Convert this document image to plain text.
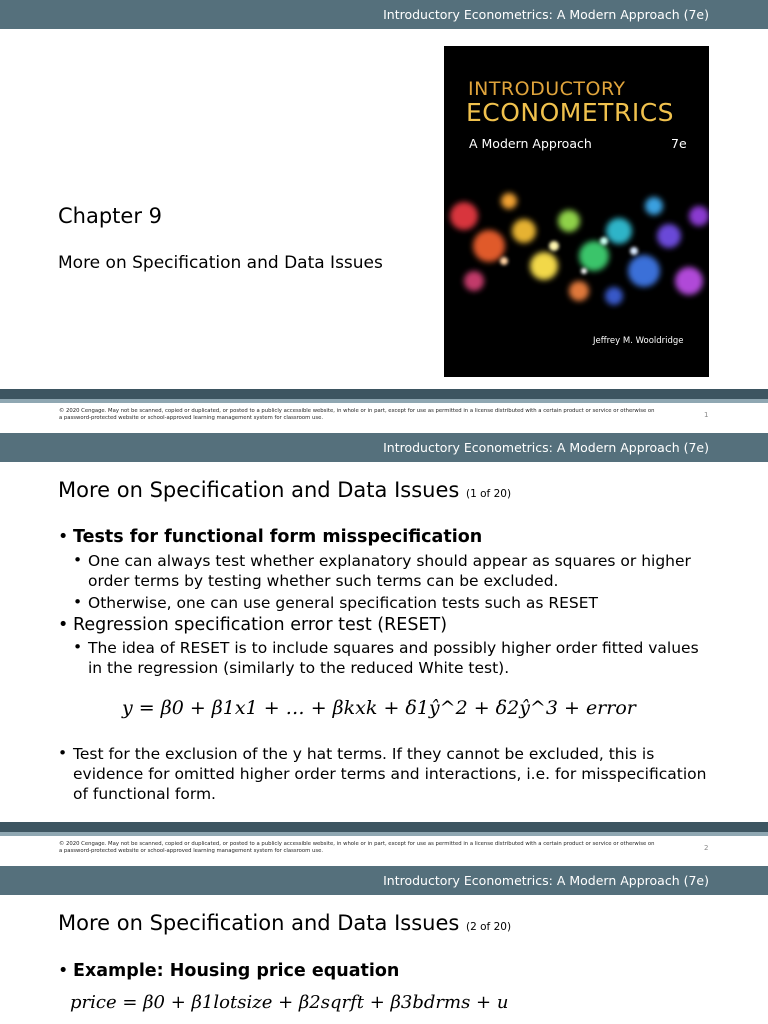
Introductory Econometrics: A Modern Approach (7e)
Chapter 9
More on Specification and Data Issues
INTRODUCTORY
ECONOMETRICS
A Modern Approach	7e
Jeffrey M. Wooldridge
© 2020 Cengage. May not be scanned, copied or duplicated, or posted to a publicly accessible website, in whole or in part, except for use as permitted in a license distributed with a certain product or service or otherwise on a password-protected website or school-approved learning management system for classroom use.	1
Introductory Econometrics: A Modern Approach (7e)
More on Specification and Data Issues (1 of 20)
• Tests for functional form misspecification
• One can always test whether explanatory should appear as squares or higher order terms by testing whether such terms can be excluded.
• Otherwise, one can use general specification tests such as RESET
• Regression specification error test (RESET)
• The idea of RESET is to include squares and possibly higher order fitted values in the regression (similarly to the reduced White test).
y = β0 + β1x1 + … + βkxk + δ1ŷ^2 + δ2ŷ^3 + error
• Test for the exclusion of the y hat terms. If they cannot be excluded, this is evidence for omitted higher order terms and interactions, i.e. for misspecification of functional form.
© 2020 Cengage. May not be scanned, copied or duplicated, or posted to a publicly accessible website, in whole or in part, except for use as permitted in a license distributed with a certain product or service or otherwise on a password-protected website or school-approved learning management system for classroom use.	2
Introductory Econometrics: A Modern Approach (7e)
More on Specification and Data Issues (2 of 20)
• Example: Housing price equation
price = β0 + β1lotsize + β2sqrft + β3bdrms + u
